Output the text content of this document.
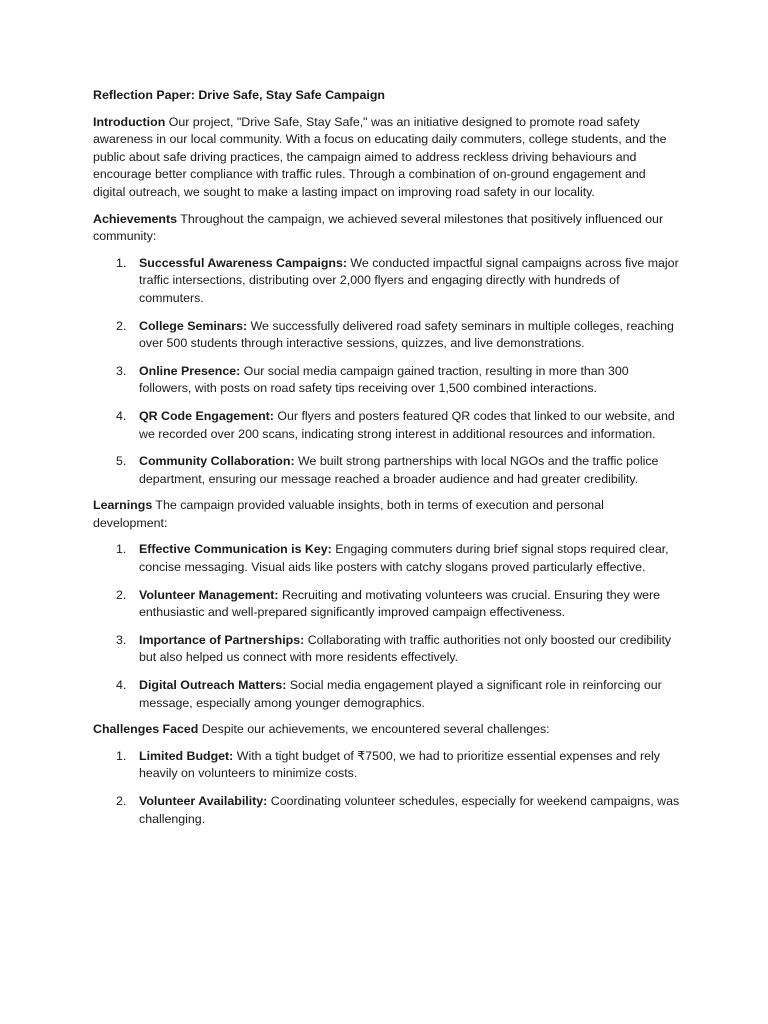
Reflection Paper: Drive Safe, Stay Safe Campaign

Introduction Our project, "Drive Safe, Stay Safe," was an initiative designed to promote road safety awareness in our local community. With a focus on educating daily commuters, college students, and the public about safe driving practices, the campaign aimed to address reckless driving behaviours and encourage better compliance with traffic rules. Through a combination of on-ground engagement and digital outreach, we sought to make a lasting impact on improving road safety in our locality.

Achievements Throughout the campaign, we achieved several milestones that positively influenced our community:

1. Successful Awareness Campaigns: We conducted impactful signal campaigns across five major traffic intersections, distributing over 2,000 flyers and engaging directly with hundreds of commuters.
2. College Seminars: We successfully delivered road safety seminars in multiple colleges, reaching over 500 students through interactive sessions, quizzes, and live demonstrations.
3. Online Presence: Our social media campaign gained traction, resulting in more than 300 followers, with posts on road safety tips receiving over 1,500 combined interactions.
4. QR Code Engagement: Our flyers and posters featured QR codes that linked to our website, and we recorded over 200 scans, indicating strong interest in additional resources and information.
5. Community Collaboration: We built strong partnerships with local NGOs and the traffic police department, ensuring our message reached a broader audience and had greater credibility.

Learnings The campaign provided valuable insights, both in terms of execution and personal development:

1. Effective Communication is Key: Engaging commuters during brief signal stops required clear, concise messaging. Visual aids like posters with catchy slogans proved particularly effective.
2. Volunteer Management: Recruiting and motivating volunteers was crucial. Ensuring they were enthusiastic and well-prepared significantly improved campaign effectiveness.
3. Importance of Partnerships: Collaborating with traffic authorities not only boosted our credibility but also helped us connect with more residents effectively.
4. Digital Outreach Matters: Social media engagement played a significant role in reinforcing our message, especially among younger demographics.

Challenges Faced Despite our achievements, we encountered several challenges:

1. Limited Budget: With a tight budget of ₹7500, we had to prioritize essential expenses and rely heavily on volunteers to minimize costs.
2. Volunteer Availability: Coordinating volunteer schedules, especially for weekend campaigns, was challenging.
